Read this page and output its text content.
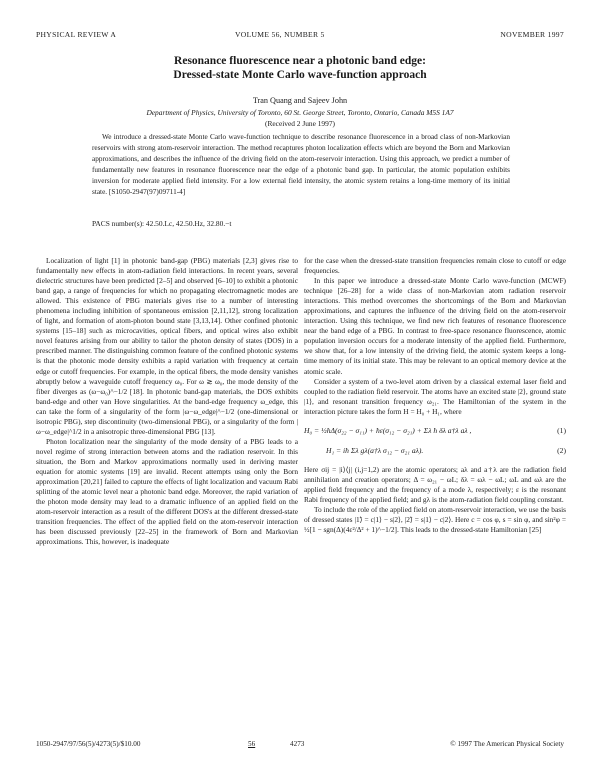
PHYSICAL REVIEW A	VOLUME 56, NUMBER 5	NOVEMBER 1997
Resonance fluorescence near a photonic band edge:
Dressed-state Monte Carlo wave-function approach
Tran Quang and Sajeev John
Department of Physics, University of Toronto, 60 St. George Street, Toronto, Ontario, Canada M5S 1A7
(Received 2 June 1997)
We introduce a dressed-state Monte Carlo wave-function technique to describe resonance fluorescence in a broad class of non-Markovian reservoirs with strong atom-reservoir interaction. The method recaptures photon localization effects which are beyond the Born and Markovian approximations, and describes the influence of the driving field on the atom-reservoir interaction. Using this approach, we predict a number of fundamentally new features in resonance fluorescence near the edge of a photonic band gap. In particular, the atomic population exhibits inversion for moderate applied field intensity. For a low external field intensity, the atomic system retains a long-time memory of its initial state. [S1050-2947(97)09711-4]
PACS number(s): 42.50.Lc, 42.50.Hz, 32.80.−t

Localization of light [1] in photonic band-gap (PBG) materials [2,3] gives rise to fundamentally new effects in atom-radiation field interactions. In recent years, several dielectric structures have been predicted [2–5] and observed [6–10] to exhibit a photonic band gap, a range of frequencies for which no propagating electromagnetic modes are allowed. This existence of PBG materials gives rise to a number of interesting phenomena including inhibition of spontaneous emission [2,11,12], strong localization of light, and formation of atom-photon bound state [3,13,14]. Other confined photonic systems [15–18] such as microcavities, optical fibers, and optical wires also exhibit novel features arising from our ability to tailor the photon density of states (DOS) in a prescribed manner. The distinguishing common feature of the confined photonic systems is that the photonic mode density exhibits a rapid variation with frequency at certain edge or cutoff frequencies. For example, in the optical fibers, the mode density vanishes abruptly below a waveguide cutoff frequency ω₀. For ω ≳ ω₀, the mode density of the fiber diverges as (ω−ω₀)^−1/2 [18]. In photonic band-gap materials, the DOS exhibits band-edge and other van Hove singularities. At the band-edge frequency ω_edge, this can take the form of a singularity of the form |ω−ω_edge|^−1/2 (one-dimensional or isotropic PBG), step discontinuity (two-dimensional PBG), or a singularity of the form |ω−ω_edge|^1/2 in a anisotropic three-dimensional PBG [13].

Photon localization near the singularity of the mode density of a PBG leads to a novel regime of strong interaction between atoms and the radiation reservoir. In this situation, the Born and Markov approximations normally used in deriving master equation for atomic systems [19] are invalid. Recent attempts using only the Born approximation [20,21] failed to capture the effects of light localization and vacuum Rabi splitting of the atomic level near a photonic band edge. Moreover, the rapid variation of the photon mode density may lead to a dramatic influence of an applied field on the atom-reservoir interaction as a result of the different DOS's at the different dressed-state transition frequencies. The effect of the applied field on the atom-reservoir interaction has been discussed previously [22–25] in the framework of Born and Markovian approximations. This, however, is inadequate

for the case when the dressed-state transition frequencies remain close to cutoff or edge frequencies.

In this paper we introduce a dressed-state Monte Carlo wave-function (MCWF) technique [26–28] for a wide class of non-Markovian atom radiation reservoir interactions. This method overcomes the shortcomings of the Born and Markovian approximations, and captures the influence of the driving field on the atom-reservoir interaction. Using this technique, we find new rich features of resonance fluorescence near the band edge of a PBG. In contrast to free-space resonance fluorescence, atomic population inversion occurs for a moderate intensity of the applied field. Furthermore, we show that, for a low intensity of the driving field, the atomic system keeps a long-time memory of its initial state. This may be relevant to an optical memory device at the atomic scale.

Consider a system of a two-level atom driven by a classical external laser field and coupled to the radiation field reservoir. The atoms have an excited state |2⟩, ground state |1⟩, and resonant transition frequency ω₂₁. The Hamiltonian of the system in the interaction picture takes the form H = H₀ + H₁, where

H₀ = ½ħΔ(σ₂₂ − σ₁₁) + ħε(σ₁₂ − σ₂₁) + Σλ ħ δλ a†λ aλ ,	(1)
H₁ = iħ Σλ gλ(a†λ σ₁₂ − σ₂₁ aλ).	(2)

Here σij = |i⟩⟨j| (i,j=1,2) are the atomic operators; aλ and a†λ are the radiation field annihilation and creation operators; Δ = ω₂₁ − ωL; δλ = ωλ − ωL; ωL and ωλ are the applied field frequency and the frequency of a mode λ, respectively; ε is the resonant Rabi frequency of the applied field; and gλ is the atom-radiation field coupling constant.

To include the role of the applied field on atom-reservoir interaction, we use the basis of dressed states |1̃⟩ = c|1⟩ − s|2⟩, |2̃⟩ = s|1⟩ − c|2⟩. Here c = cos φ, s = sin φ, and sin²φ = ½[1 − sgn(Δ)(4ε²/Δ² + 1)^−1/2]. This leads to the dressed-state Hamiltonian [25]

1050-2947/97/56(5)/4273(5)/$10.00	56	4273	© 1997 The American Physical Society
